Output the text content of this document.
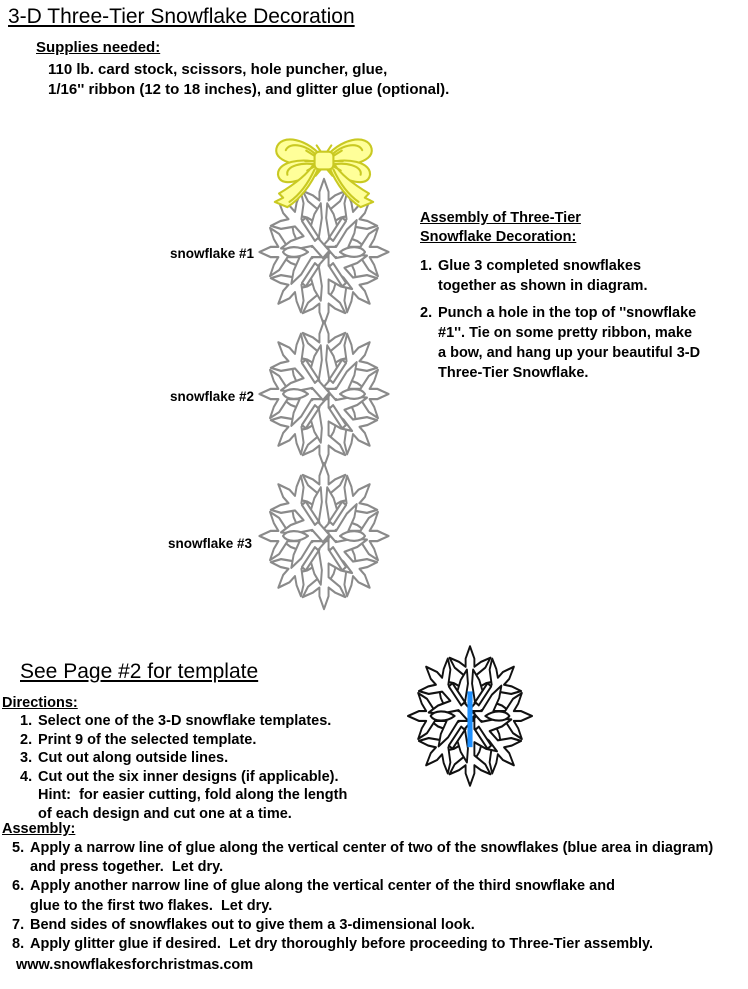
3-D Three-Tier Snowflake Decoration
Supplies needed:
110 lb. card stock, scissors, hole puncher, glue,
1/16'' ribbon (12 to 18 inches), and glitter glue (optional).
snowflake #1
snowflake #2
snowflake #3
Assembly of Three-Tier
Snowflake Decoration:
1. Glue 3 completed snowflakes
together as shown in diagram.
2. Punch a hole in the top of ''snowflake
#1''. Tie on some pretty ribbon, make
a bow, and hang up your beautiful 3-D
Three-Tier Snowflake.
See Page #2 for template
Directions:
1. Select one of the 3-D snowflake templates.
2. Print 9 of the selected template.
3. Cut out along outside lines.
4. Cut out the six inner designs (if applicable).
Hint:  for easier cutting, fold along the length
of each design and cut one at a time.
Assembly:
5. Apply a narrow line of glue along the vertical center of two of the snowflakes (blue area in diagram)
and press together.  Let dry.
6. Apply another narrow line of glue along the vertical center of the third snowflake and
glue to the first two flakes.  Let dry.
7. Bend sides of snowflakes out to give them a 3-dimensional look.
8. Apply glitter glue if desired.  Let dry thoroughly before proceeding to Three-Tier assembly.
www.snowflakesforchristmas.com
